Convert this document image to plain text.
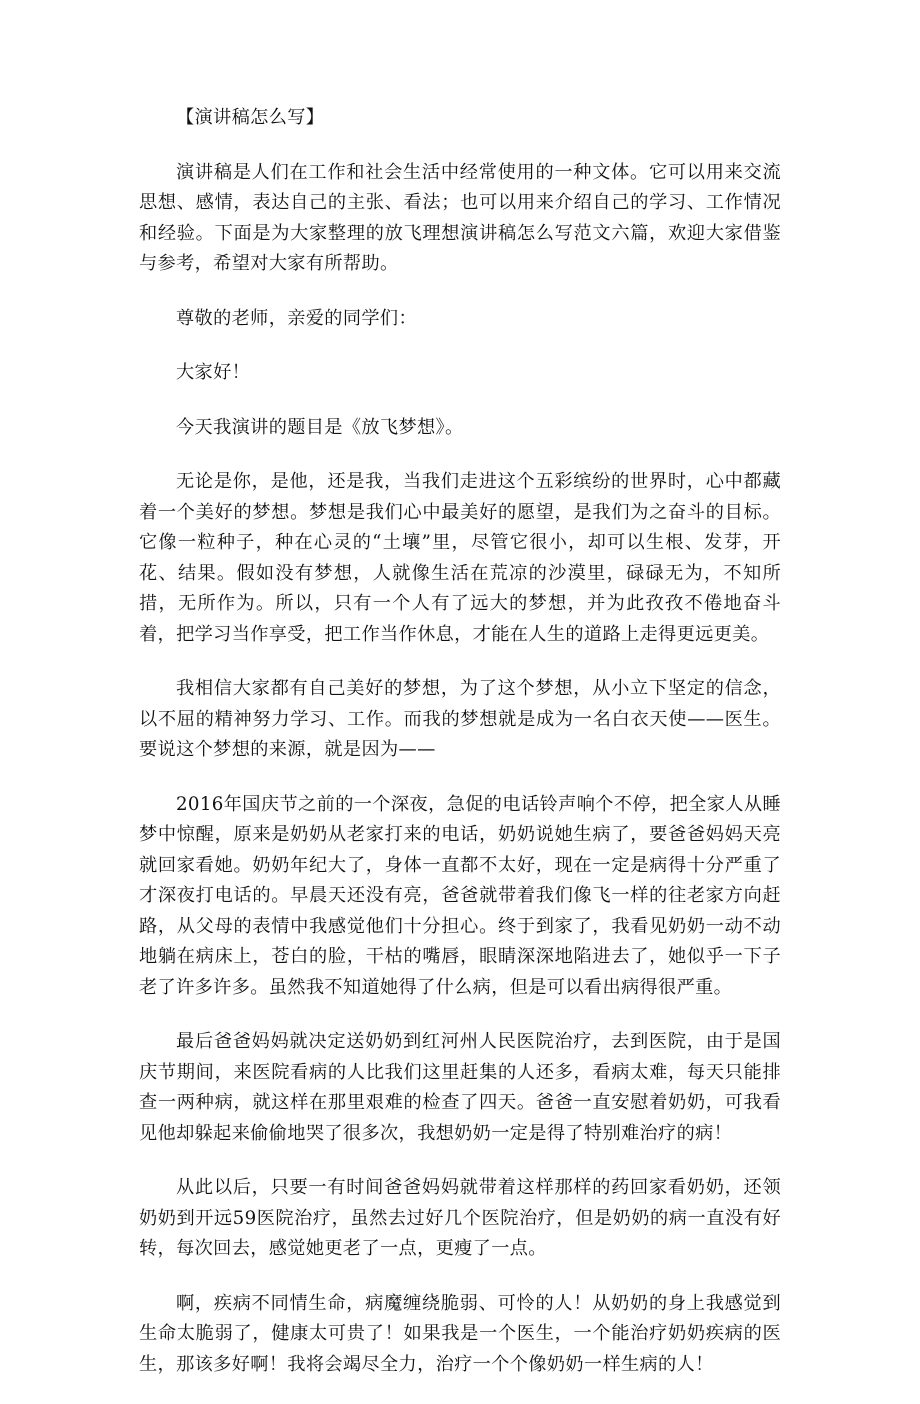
【演讲稿怎么写】

演讲稿是人们在工作和社会生活中经常使用的一种文体。它可以用来交流思想、感情，表达自己的主张、看法；也可以用来介绍自己的学习、工作情况和经验。下面是为大家整理的放飞理想演讲稿怎么写范文六篇，欢迎大家借鉴与参考，希望对大家有所帮助。

尊敬的老师，亲爱的同学们：

大家好！

今天我演讲的题目是《放飞梦想》。

无论是你，是他，还是我，当我们走进这个五彩缤纷的世界时，心中都藏着一个美好的梦想。梦想是我们心中最美好的愿望，是我们为之奋斗的目标。它像一粒种子，种在心灵的“土壤”里，尽管它很小，却可以生根、发芽，开花、结果。假如没有梦想，人就像生活在荒凉的沙漠里，碌碌无为，不知所措，无所作为。所以，只有一个人有了远大的梦想，并为此孜孜不倦地奋斗着，把学习当作享受，把工作当作休息，才能在人生的道路上走得更远更美。

我相信大家都有自己美好的梦想，为了这个梦想，从小立下坚定的信念，以不屈的精神努力学习、工作。而我的梦想就是成为一名白衣天使——医生。要说这个梦想的来源，就是因为——

2016年国庆节之前的一个深夜，急促的电话铃声响个不停，把全家人从睡梦中惊醒，原来是奶奶从老家打来的电话，奶奶说她生病了，要爸爸妈妈天亮就回家看她。奶奶年纪大了，身体一直都不太好，现在一定是病得十分严重了才深夜打电话的。早晨天还没有亮，爸爸就带着我们像飞一样的往老家方向赶路，从父母的表情中我感觉他们十分担心。终于到家了，我看见奶奶一动不动地躺在病床上，苍白的脸，干枯的嘴唇，眼睛深深地陷进去了，她似乎一下子老了许多许多。虽然我不知道她得了什么病，但是可以看出病得很严重。

最后爸爸妈妈就决定送奶奶到红河州人民医院治疗，去到医院，由于是国庆节期间，来医院看病的人比我们这里赶集的人还多，看病太难，每天只能排查一两种病，就这样在那里艰难的检查了四天。爸爸一直安慰着奶奶，可我看见他却躲起来偷偷地哭了很多次，我想奶奶一定是得了特别难治疗的病！

从此以后，只要一有时间爸爸妈妈就带着这样那样的药回家看奶奶，还领奶奶到开远59医院治疗，虽然去过好几个医院治疗，但是奶奶的病一直没有好转，每次回去，感觉她更老了一点，更瘦了一点。

啊，疾病不同情生命，病魔缠绕脆弱、可怜的人！从奶奶的身上我感觉到生命太脆弱了，健康太可贵了！如果我是一个医生，一个能治疗奶奶疾病的医生，那该多好啊！我将会竭尽全力，治疗一个个像奶奶一样生病的人！
